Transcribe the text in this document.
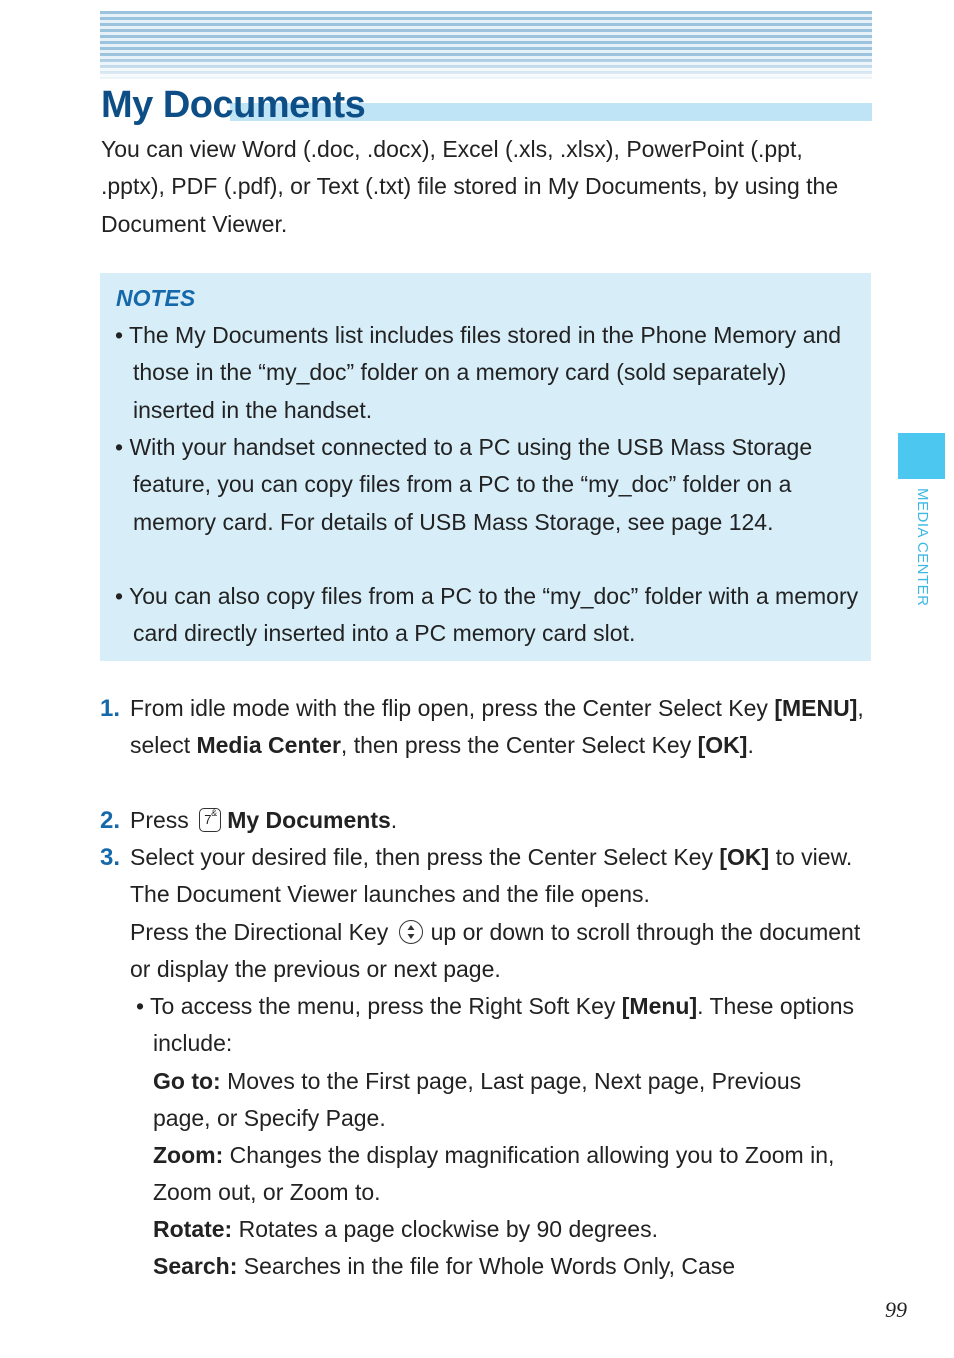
My Documents
You can view Word (.doc, .docx), Excel (.xls, .xlsx), PowerPoint (.ppt, .pptx), PDF (.pdf), or Text (.txt) file stored in My Documents, by using the Document Viewer.
NOTES
• The My Documents list includes files stored in the Phone Memory and those in the “my_doc” folder on a memory card (sold separately) inserted in the handset.
• With your handset connected to a PC using the USB Mass Storage feature, you can copy files from a PC to the “my_doc” folder on a memory card. For details of USB Mass Storage, see page 124.
• You can also copy files from a PC to the “my_doc” folder with a memory card directly inserted into a PC memory card slot.
1. From idle mode with the flip open, press the Center Select Key [MENU], select Media Center, then press the Center Select Key [OK].
2. Press 7 & My Documents.
3. Select your desired file, then press the Center Select Key [OK] to view. The Document Viewer launches and the file opens.
Press the Directional Key up or down to scroll through the document or display the previous or next page.
• To access the menu, press the Right Soft Key [Menu]. These options include:
Go to: Moves to the First page, Last page, Next page, Previous page, or Specify Page.
Zoom: Changes the display magnification allowing you to Zoom in, Zoom out, or Zoom to.
Rotate: Rotates a page clockwise by 90 degrees.
Search: Searches in the file for Whole Words Only, Case
MEDIA CENTER
99
